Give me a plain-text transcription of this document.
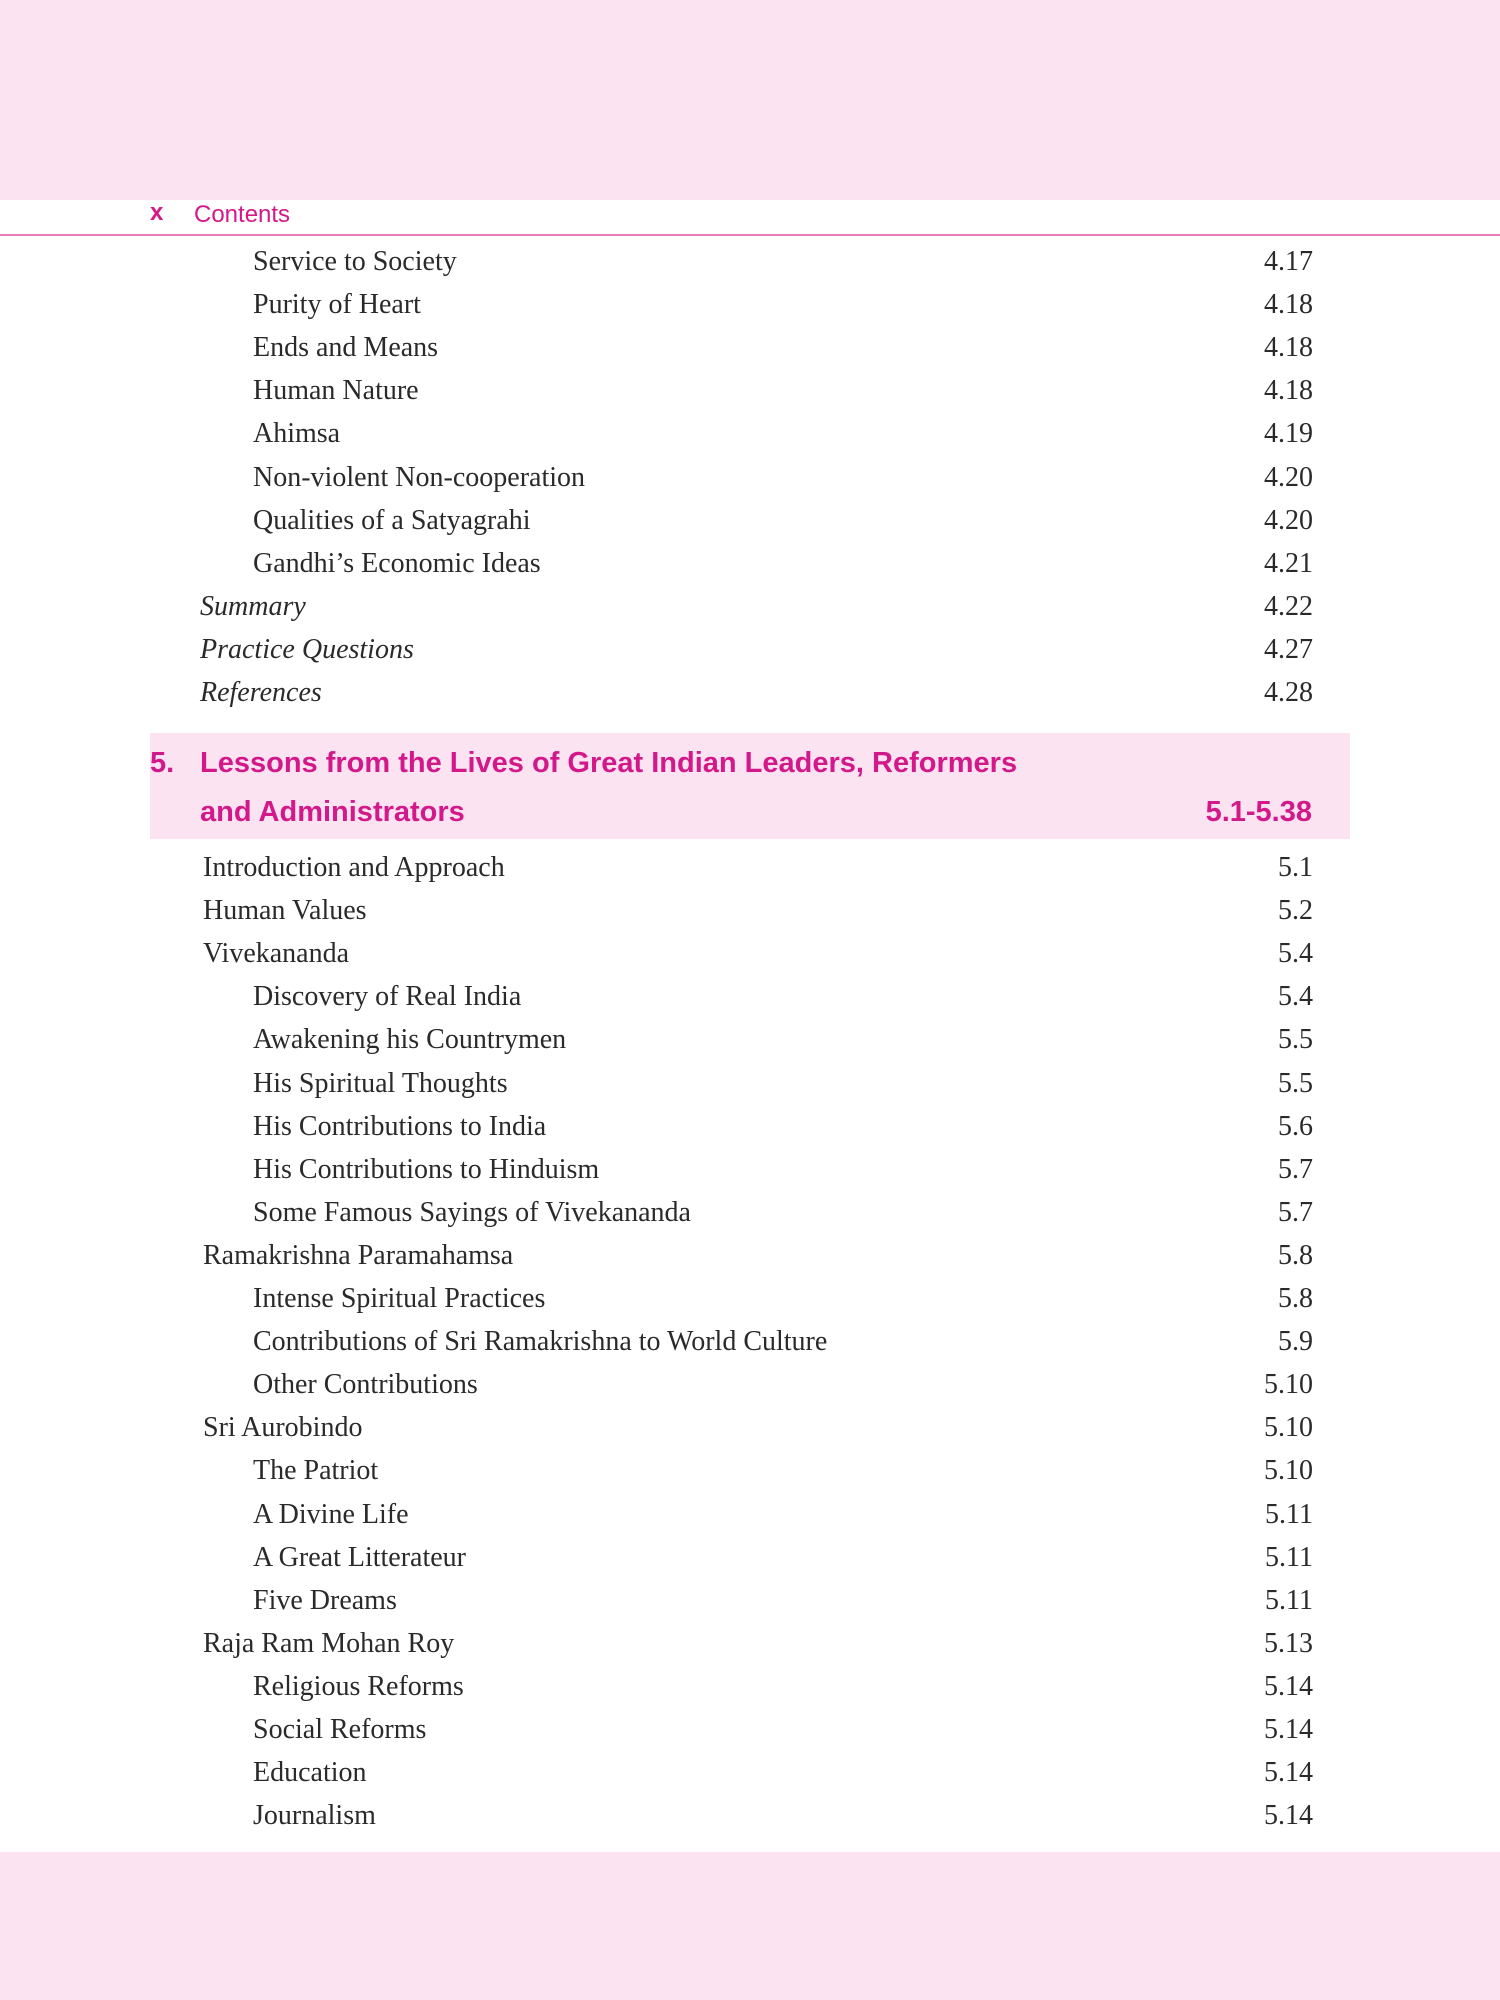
x Contents
Service to Society	4.17
Purity of Heart	4.18
Ends and Means	4.18
Human Nature	4.18
Ahimsa	4.19
Non-violent Non-cooperation	4.20
Qualities of a Satyagrahi	4.20
Gandhi’s Economic Ideas	4.21
Summary	4.22
Practice Questions	4.27
References	4.28
5. Lessons from the Lives of Great Indian Leaders, Reformers
and Administrators	5.1-5.38
Introduction and Approach	5.1
Human Values	5.2
Vivekananda	5.4
Discovery of Real India	5.4
Awakening his Countrymen	5.5
His Spiritual Thoughts	5.5
His Contributions to India	5.6
His Contributions to Hinduism	5.7
Some Famous Sayings of Vivekananda	5.7
Ramakrishna Paramahamsa	5.8
Intense Spiritual Practices	5.8
Contributions of Sri Ramakrishna to World Culture	5.9
Other Contributions	5.10
Sri Aurobindo	5.10
The Patriot	5.10
A Divine Life	5.11
A Great Litterateur	5.11
Five Dreams	5.11
Raja Ram Mohan Roy	5.13
Religious Reforms	5.14
Social Reforms	5.14
Education	5.14
Journalism	5.14
